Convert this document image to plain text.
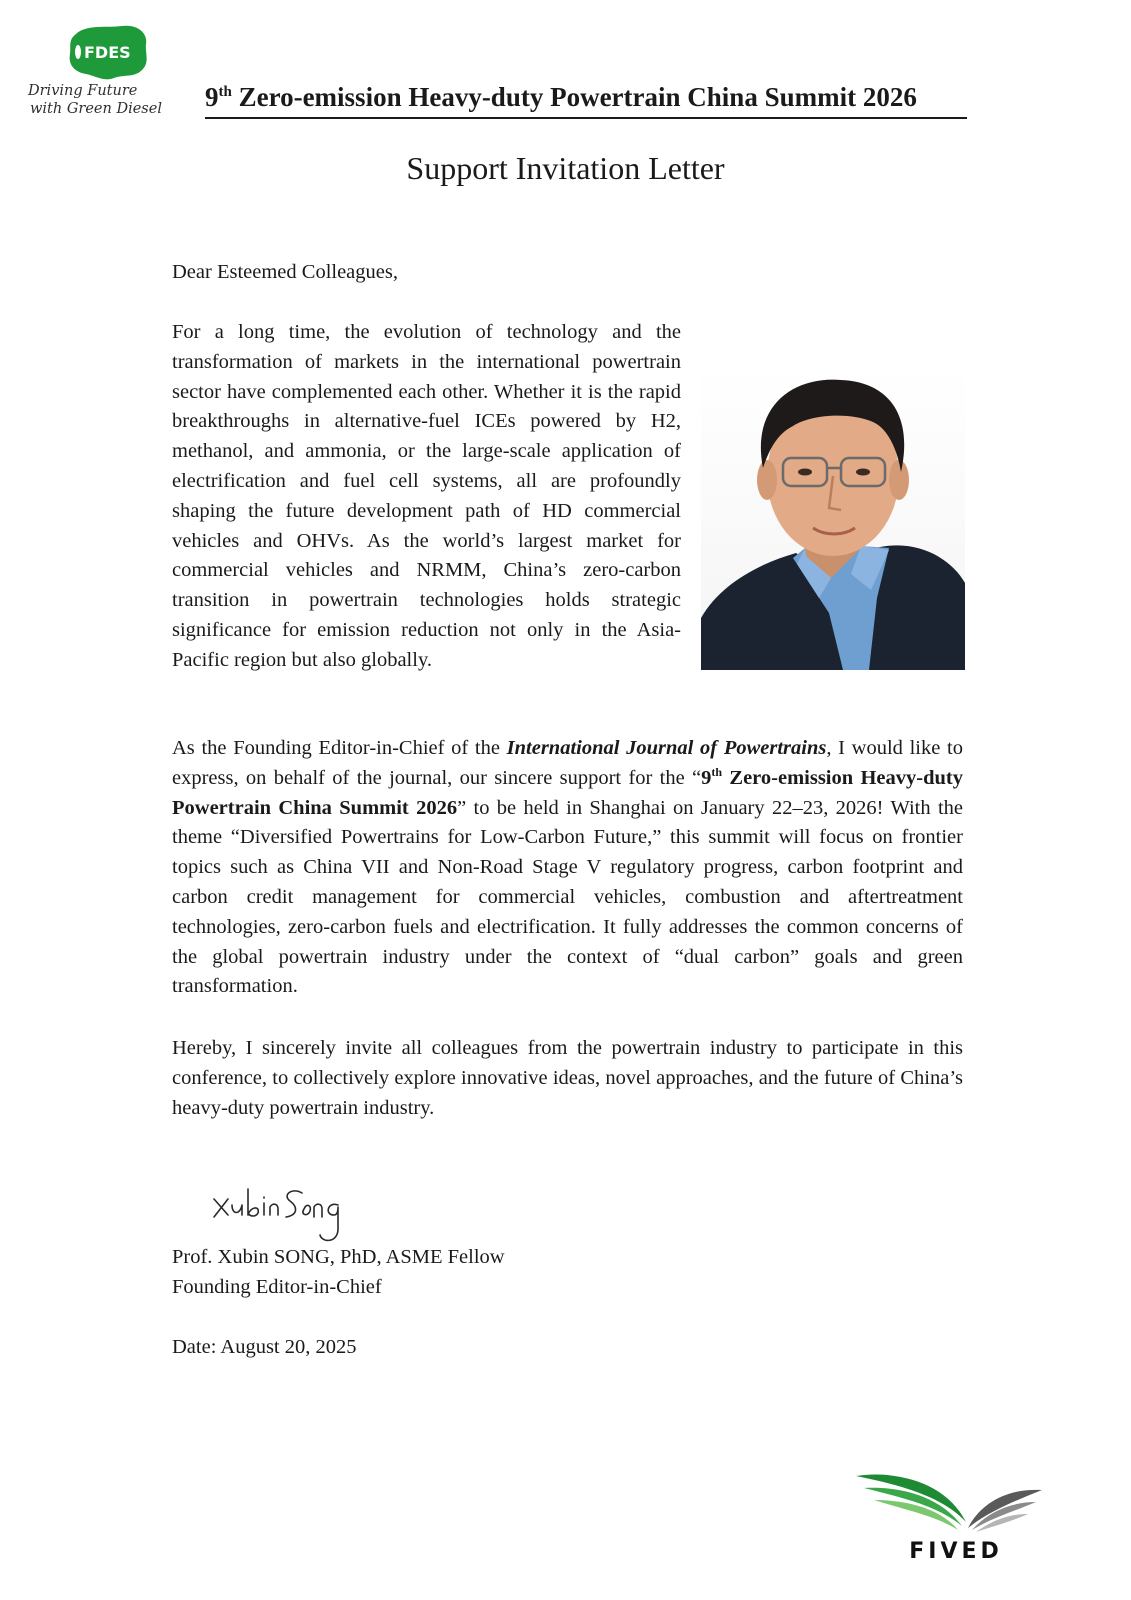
FDES
Driving Future
with Green Diesel	9th Zero-emission Heavy-duty Powertrain China Summit 2026
Support Invitation Letter
Dear Esteemed Colleagues,
For a long time, the evolution of technology and the transformation of markets in the international powertrain sector have complemented each other. Whether it is the rapid breakthroughs in alternative-fuel ICEs powered by H2, methanol, and ammonia, or the large-scale application of electrification and fuel cell systems, all are profoundly shaping the future development path of HD commercial vehicles and OHVs. As the world’s largest market for commercial vehicles and NRMM, China’s zero-carbon transition in powertrain technologies holds strategic significance for emission reduction not only in the Asia-Pacific region but also globally.
As the Founding Editor-in-Chief of the International Journal of Powertrains, I would like to express, on behalf of the journal, our sincere support for the “9th Zero-emission Heavy-duty Powertrain China Summit 2026” to be held in Shanghai on January 22–23, 2026! With the theme “Diversified Powertrains for Low-Carbon Future,” this summit will focus on frontier topics such as China VII and Non-Road Stage V regulatory progress, carbon footprint and carbon credit management for commercial vehicles, combustion and aftertreatment technologies, zero-carbon fuels and electrification. It fully addresses the common concerns of the global powertrain industry under the context of “dual carbon” goals and green transformation.
Hereby, I sincerely invite all colleagues from the powertrain industry to participate in this conference, to collectively explore innovative ideas, novel approaches, and the future of China’s heavy-duty powertrain industry.
Prof. Xubin SONG, PhD, ASME Fellow
Founding Editor-in-Chief
Date: August 20, 2025
FIVED
